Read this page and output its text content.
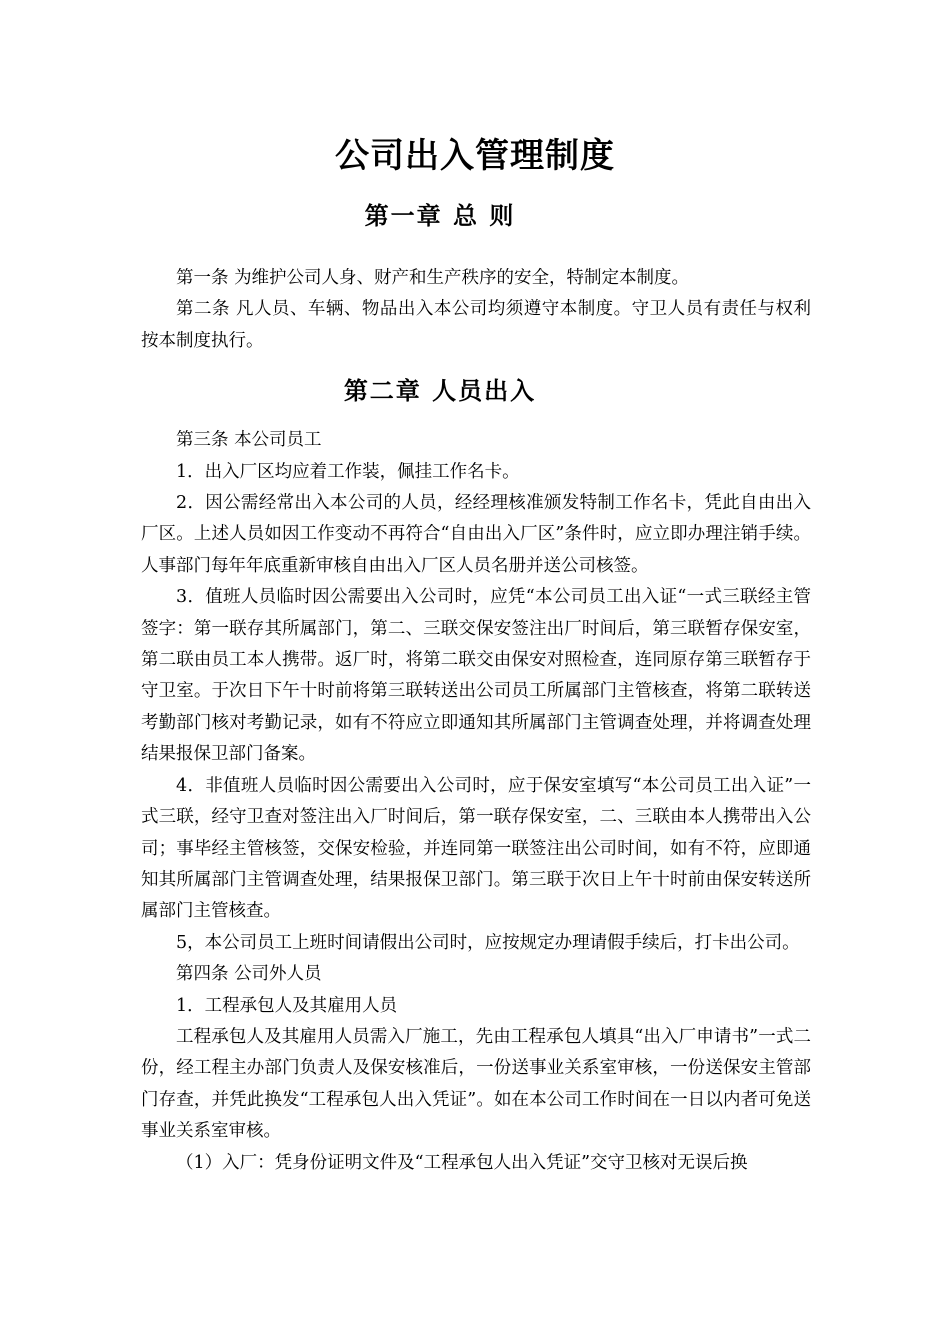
公司出入管理制度
第一章 总 则

第一条 为维护公司人身、财产和生产秩序的安全，特制定本制度。

第二条 凡人员、车辆、物品出入本公司均须遵守本制度。守卫人员有责任与权利按本制度执行。

第二章 人员出入

第三条 本公司员工

1．出入厂区均应着工作装，佩挂工作名卡。

2．因公需经常出入本公司的人员，经经理核准颁发特制工作名卡，凭此自由出入厂区。上述人员如因工作变动不再符合“自由出入厂区”条件时，应立即办理注销手续。人事部门每年年底重新审核自由出入厂区人员名册并送公司核签。

3．值班人员临时因公需要出入公司时，应凭“本公司员工出入证“一式三联经主管签字：第一联存其所属部门，第二、三联交保安签注出厂时间后，第三联暂存保安室，第二联由员工本人携带。返厂时，将第二联交由保安对照检查，连同原存第三联暂存于守卫室。于次日下午十时前将第三联转送出公司员工所属部门主管核查，将第二联转送考勤部门核对考勤记录，如有不符应立即通知其所属部门主管调查处理，并将调查处理结果报保卫部门备案。

4．非值班人员临时因公需要出入公司时，应于保安室填写“本公司员工出入证”一式三联，经守卫查对签注出入厂时间后，第一联存保安室，二、三联由本人携带出入公司；事毕经主管核签，交保安检验，并连同第一联签注出公司时间，如有不符，应即通知其所属部门主管调查处理，结果报保卫部门。第三联于次日上午十时前由保安转送所属部门主管核查。

5，本公司员工上班时间请假出公司时，应按规定办理请假手续后，打卡出公司。

第四条 公司外人员

1．工程承包人及其雇用人员

工程承包人及其雇用人员需入厂施工，先由工程承包人填具“出入厂申请书”一式二份，经工程主办部门负责人及保安核准后，一份送事业关系室审核，一份送保安主管部门存查，并凭此换发“工程承包人出入凭证”。如在本公司工作时间在一日以内者可免送事业关系室审核。

（1）入厂：凭身份证明文件及“工程承包人出入凭证”交守卫核对无误后换
